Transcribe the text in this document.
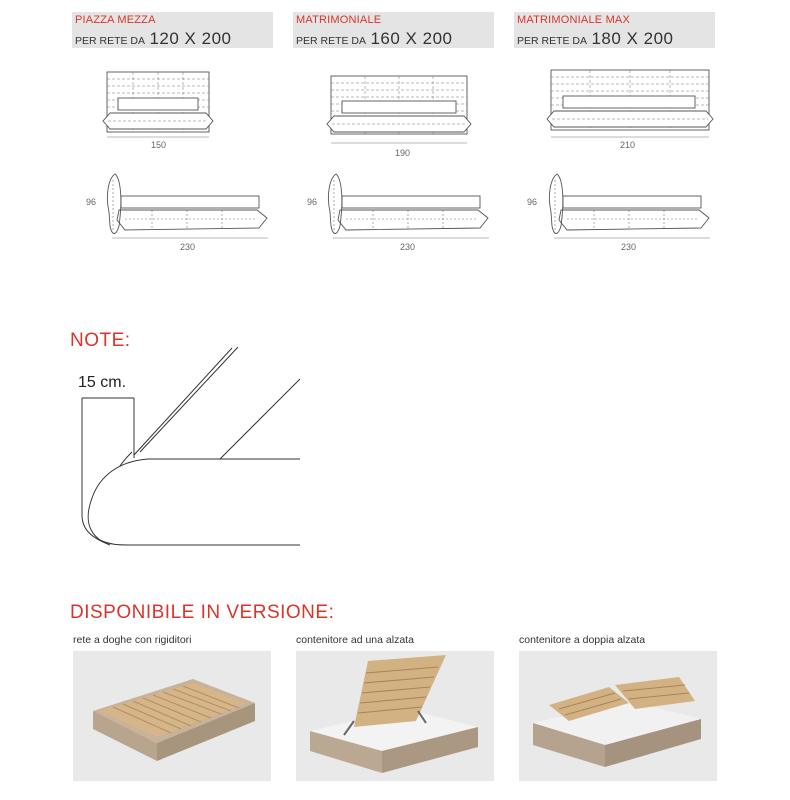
PIAZZA MEZZA
PER RETE DA 120 X 200
MATRIMONIALE
PER RETE DA 160 X 200
MATRIMONIALE MAX
PER RETE DA 180 X 200
150
190
210
96	96	96
230	230	230
NOTE:
15 cm.
DISPONIBILE IN VERSIONE:
rete a doghe con rigiditori	contenitore ad una alzata	contenitore a doppia alzata
